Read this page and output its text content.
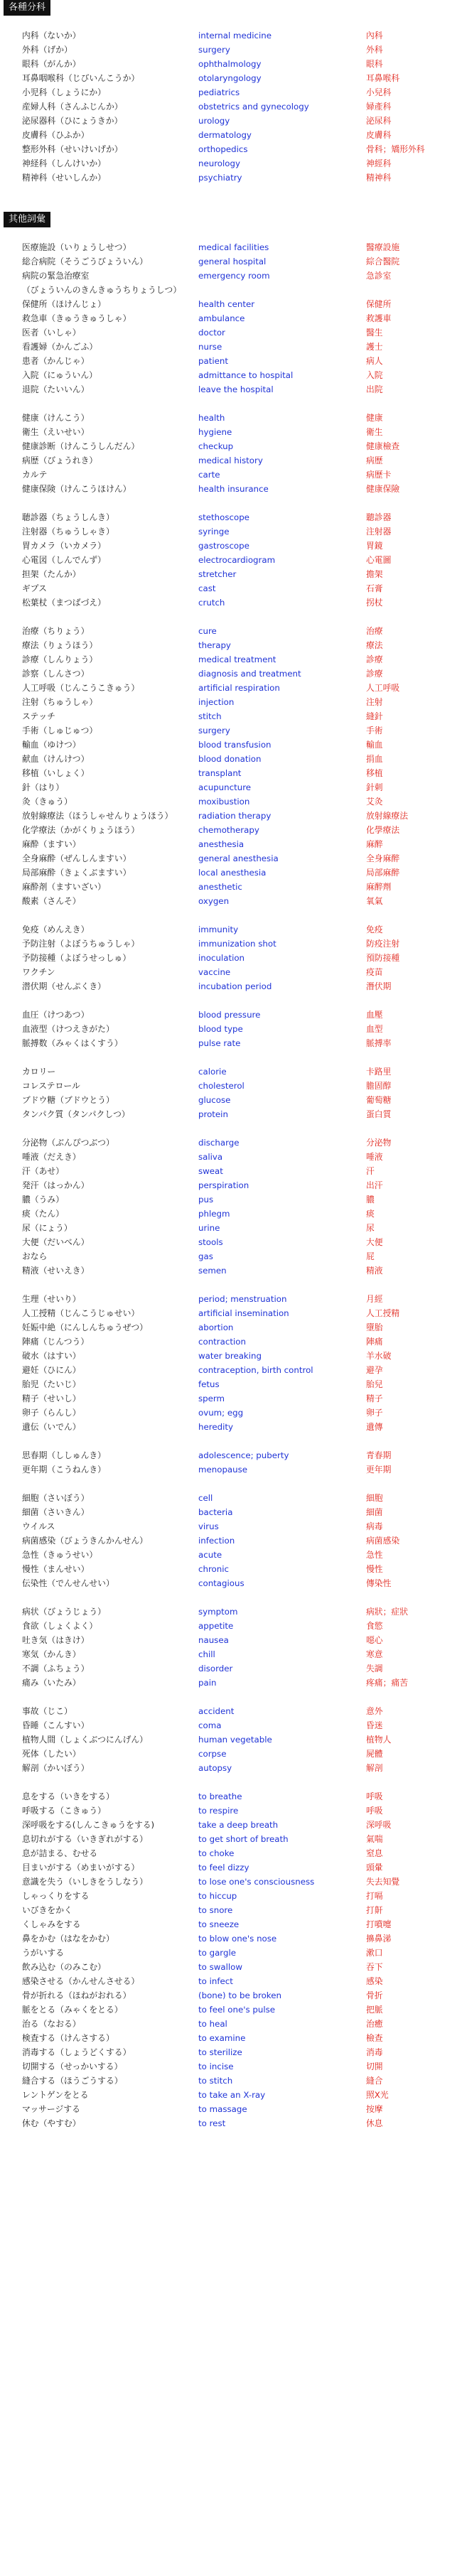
各種分科
内科（ないか）	internal medicine	內科
外科（げか）	surgery	外科
眼科（がんか）	ophthalmology	眼科
耳鼻咽喉科（じびいんこうか）	otolaryngology	耳鼻喉科
小児科（しょうにか）	pediatrics	小兒科
産婦人科（さんふじんか）	obstetrics and gynecology	婦產科
泌尿器科（ひにょうきか）	urology	泌尿科
皮膚科（ひふか）	dermatology	皮膚科
整形外科（せいけいげか）	orthopedics	骨科；矯形外科
神経科（しんけいか）	neurology	神經科
精神科（せいしんか）	psychiatry	精神科
其他詞彙
医療施設（いりょうしせつ）	medical facilities	醫療設施
総合病院（そうごうびょういん）	general hospital	綜合醫院
病院の緊急治療室	emergency room	急診室
（びょういんのきんきゅうちりょうしつ）
保健所（ほけんじょ）	health center	保健所
救急車（きゅうきゅうしゃ）	ambulance	救護車
医者（いしゃ）	doctor	醫生
看護婦（かんごふ）	nurse	護士
患者（かんじゃ）	patient	病人
入院（にゅういん）	admittance to hospital	入院
退院（たいいん）	leave the hospital	出院
健康（けんこう）	health	健康
衛生（えいせい）	hygiene	衛生
健康診断（けんこうしんだん）	checkup	健康檢查
病歴（びょうれき）	medical history	病歷
カルテ	carte	病歷卡
健康保険（けんこうほけん）	health insurance	健康保險
聴診器（ちょうしんき）	stethoscope	聽診器
注射器（ちゅうしゃき）	syringe	注射器
胃カメラ（いカメラ）	gastroscope	胃鏡
心電図（しんでんず）	electrocardiogram	心電圖
担架（たんか）	stretcher	擔架
ギプス	cast	石膏
松葉杖（まつばづえ）	crutch	拐杖
治療（ちりょう）	cure	治療
療法（りょうほう）	therapy	療法
診療（しんりょう）	medical treatment	診療
診察（しんさつ）	diagnosis and treatment	診療
人工呼吸（じんこうこきゅう）	artificial respiration	人工呼吸
注射（ちゅうしゃ）	injection	注射
ステッチ	stitch	縫針
手術（しゅじゅつ）	surgery	手術
輸血（ゆけつ）	blood transfusion	輸血
献血（けんけつ）	blood donation	捐血
移植（いしょく）	transplant	移植
針（はり）	acupuncture	針刺
灸（きゅう）	moxibustion	艾灸
放射線療法（ほうしゃせんりょうほう）	radiation therapy	放射線療法
化学療法（かがくりょうほう）	chemotherapy	化學療法
麻酔（ますい）	anesthesia	麻醉
全身麻酔（ぜんしんますい）	general anesthesia	全身麻醉
局部麻酔（きょくぶますい）	local anesthesia	局部麻醉
麻酔剤（ますいざい）	anesthetic	麻醉劑
酸素（さんそ）	oxygen	氧氣
免疫（めんえき）	immunity	免疫
予防注射（よぼうちゅうしゃ）	immunization shot	防疫注射
予防接種（よぼうせっしゅ）	inoculation	預防接種
ワクチン	vaccine	疫苗
潜伏期（せんぷくき）	incubation period	潛伏期
血圧（けつあつ）	blood pressure	血壓
血液型（けつえきがた）	blood type	血型
脈搏数（みゃくはくすう）	pulse rate	脈搏率
カロリー	calorie	卡路里
コレステロール	cholesterol	膽固醇
ブドウ糖（ブドウとう）	glucose	葡萄糖
タンパク質（タンパクしつ）	protein	蛋白質
分泌物（ぶんぴつぶつ）	discharge	分泌物
唾液（だえき）	saliva	唾液
汗（あせ）	sweat	汗
発汗（はっかん）	perspiration	出汗
膿（うみ）	pus	膿
痰（たん）	phlegm	痰
尿（にょう）	urine	尿
大便（だいべん）	stools	大便
おなら	gas	屁
精液（せいえき）	semen	精液
生理（せいり）	period; menstruation	月經
人工授精（じんこうじゅせい）	artificial insemination	人工授精
妊娠中絶（にんしんちゅうぜつ）	abortion	墮胎
陣痛（じんつう）	contraction	陣痛
破水（はすい）	water breaking	羊水破
避妊（ひにん）	contraception, birth control	避孕
胎児（たいじ）	fetus	胎兒
精子（せいし）	sperm	精子
卵子（らんし）	ovum; egg	卵子
遺伝（いでん）	heredity	遺傳
思春期（ししゅんき）	adolescence; puberty	青春期
更年期（こうねんき）	menopause	更年期
細胞（さいぼう）	cell	細胞
細菌（さいきん）	bacteria	細菌
ウイルス	virus	病毒
病菌感染（びょうきんかんせん）	infection	病菌感染
急性（きゅうせい）	acute	急性
慢性（まんせい）	chronic	慢性
伝染性（でんせんせい）	contagious	傳染性
病状（びょうじょう）	symptom	病狀；症狀
食欲（しょくよく）	appetite	食慾
吐き気（はきけ）	nausea	噁心
寒気（かんき）	chill	寒意
不調（ふちょう）	disorder	失調
痛み（いたみ）	pain	疼痛；痛苦
事故（じこ）	accident	意外
昏睡（こんすい）	coma	昏迷
植物人間（しょくぶつにんげん）	human vegetable	植物人
死体（したい）	corpse	屍體
解剖（かいぼう）	autopsy	解剖
息をする（いきをする）	to breathe	呼吸
呼吸する（こきゅう）	to respire	呼吸
深呼吸をする(しんこきゅうをする)	take a deep breath	深呼吸
息切れがする（いきぎれがする）	to get short of breath	氣喘
息が詰まる、むせる	to choke	窒息
目まいがする（めまいがする）	to feel dizzy	頭暈
意識を失う（いしきをうしなう）	to lose one's consciousness	失去知覺
しゃっくりをする	to hiccup	打嗝
いびきをかく	to snore	打鼾
くしゃみをする	to sneeze	打噴嚏
鼻をかむ（はなをかむ）	to blow one's nose	擤鼻涕
うがいする	to gargle	漱口
飲み込む（のみこむ）	to swallow	吞下
感染させる（かんせんさせる）	to infect	感染
骨が折れる（ほねがおれる）	(bone) to be broken	骨折
脈をとる（みゃくをとる）	to feel one's pulse	把脈
治る（なおる）	to heal	治癒
検査する（けんさする）	to examine	檢查
消毒する（しょうどくする）	to sterilize	消毒
切開する（せっかいする）	to incise	切開
縫合する（ほうごうする）	to stitch	縫合
レントゲンをとる	to take an X-ray	照X光
マッサージする	to massage	按摩
休む（やすむ）	to rest	休息
